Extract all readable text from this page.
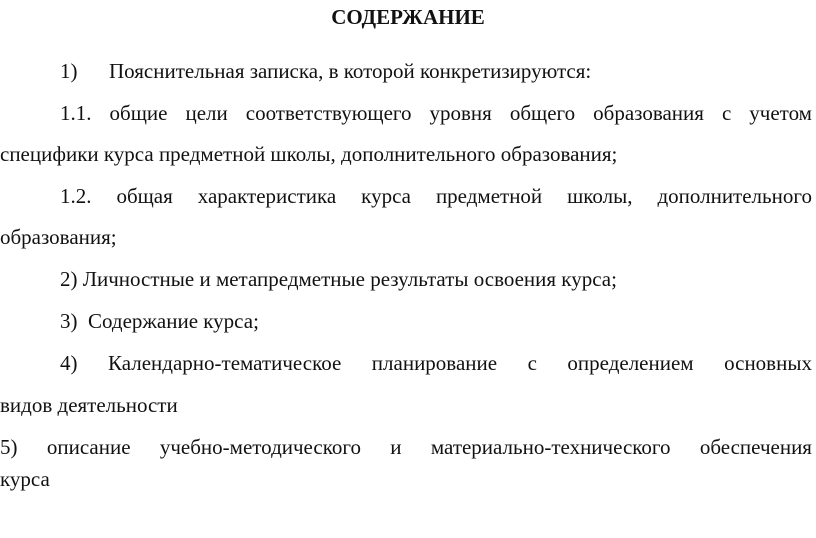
СОДЕРЖАНИЕ
1) Пояснительная записка, в которой конкретизируются:
1.1. общие цели соответствующего уровня общего образования с учетом
специфики курса предметной школы, дополнительного образования;
1.2. общая характеристика курса предметной школы, дополнительного
образования;
2) Личностные и метапредметные результаты освоения курса;
3)  Содержание курса;
4) Календарно-тематическое планирование с определением основных
видов деятельности
5) описание учебно-методического и материально-технического обеспечения
курса
